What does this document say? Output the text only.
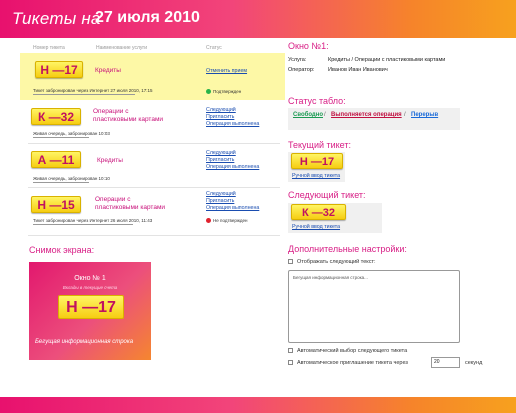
Тикеты на
27 июля 2010
Номер тикета	Наименование услуги	Статус
Н —17	Кредиты	Отменить прием
Тикет забронирован через Интернет 27 июля 2010, 17:15	Подтвержден
К —32	Операции с пластиковыми картами
Следующий
Пригласить
Операция выполнена
Живая очередь, забронирован 10:03
А —11	Кредиты
Следующий
Пригласить
Операция выполнена
Живая очередь, забронирован 10:10
Н —15	Операции с пластиковыми картами
Следующий
Пригласить
Операция выполнена
Тикет забронирован через Интернет 26 июля 2010, 11:43	Не подтвержден
Снимок экрана:
Окно № 1
Вклады в текущие счета
Н —17
Бегущая информационная строка
Окно №1:
Услуга:	Кредиты / Операции с пластиковыми картами
Оператор: Иванов Иван Иванович
Статус табло:
Свободно / Выполняется операция / Перерыв
Текущий тикет:
Н —17
Ручной ввод тикета
Следующий тикет:
К —32
Ручной ввод тикета
Дополнительные настройки:
Отображать следующий текст:
Бегущая информационная строка...
Автоматический выбор следующего тикета
Автоматическое приглашение тикета через	20	секунд
